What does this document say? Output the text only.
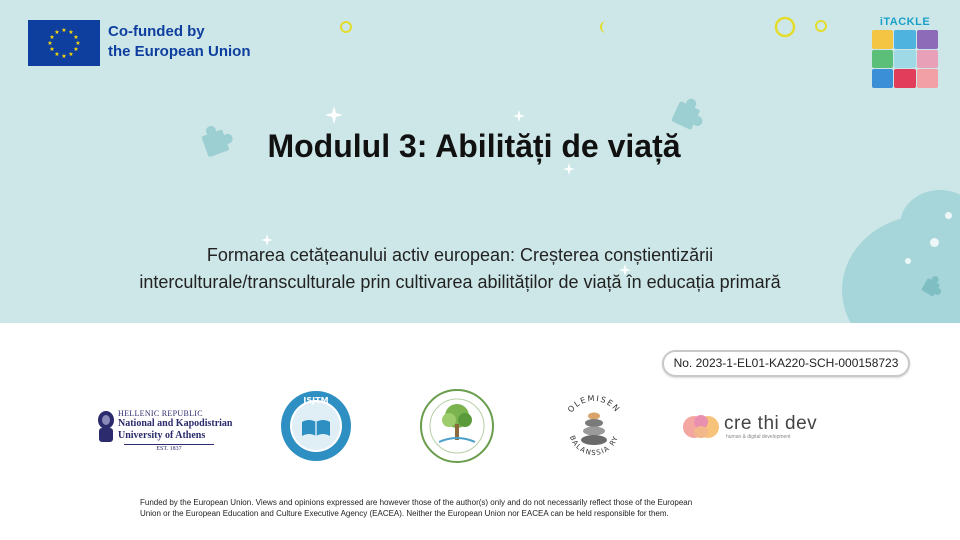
★ ★
★
★
★
★
★
★
★
★
★
★	Co-funded by
the European Union
iTACKLE
Modulul 3: Abilități de viață
Formarea cetățeanului activ european: Creșterea conștientizării
interculturale/transculturale prin cultivarea abilităților de viață în educația primară
No. 2023-1-EL01-KA220-SCH-000158723
HELLENIC REPUBLIC
National and Kapodistrian
University of Athens
EST. 1837
ISJTM
OLEMISEN
BALANSSIA RY
cre thi dev
human & digital development
Funded by the European Union. Views and opinions expressed are however those of the author(s) only and do not necessarily reflect those of the European
Union or the European Education and Culture Executive Agency (EACEA). Neither the European Union nor EACEA can be held responsible for them.
